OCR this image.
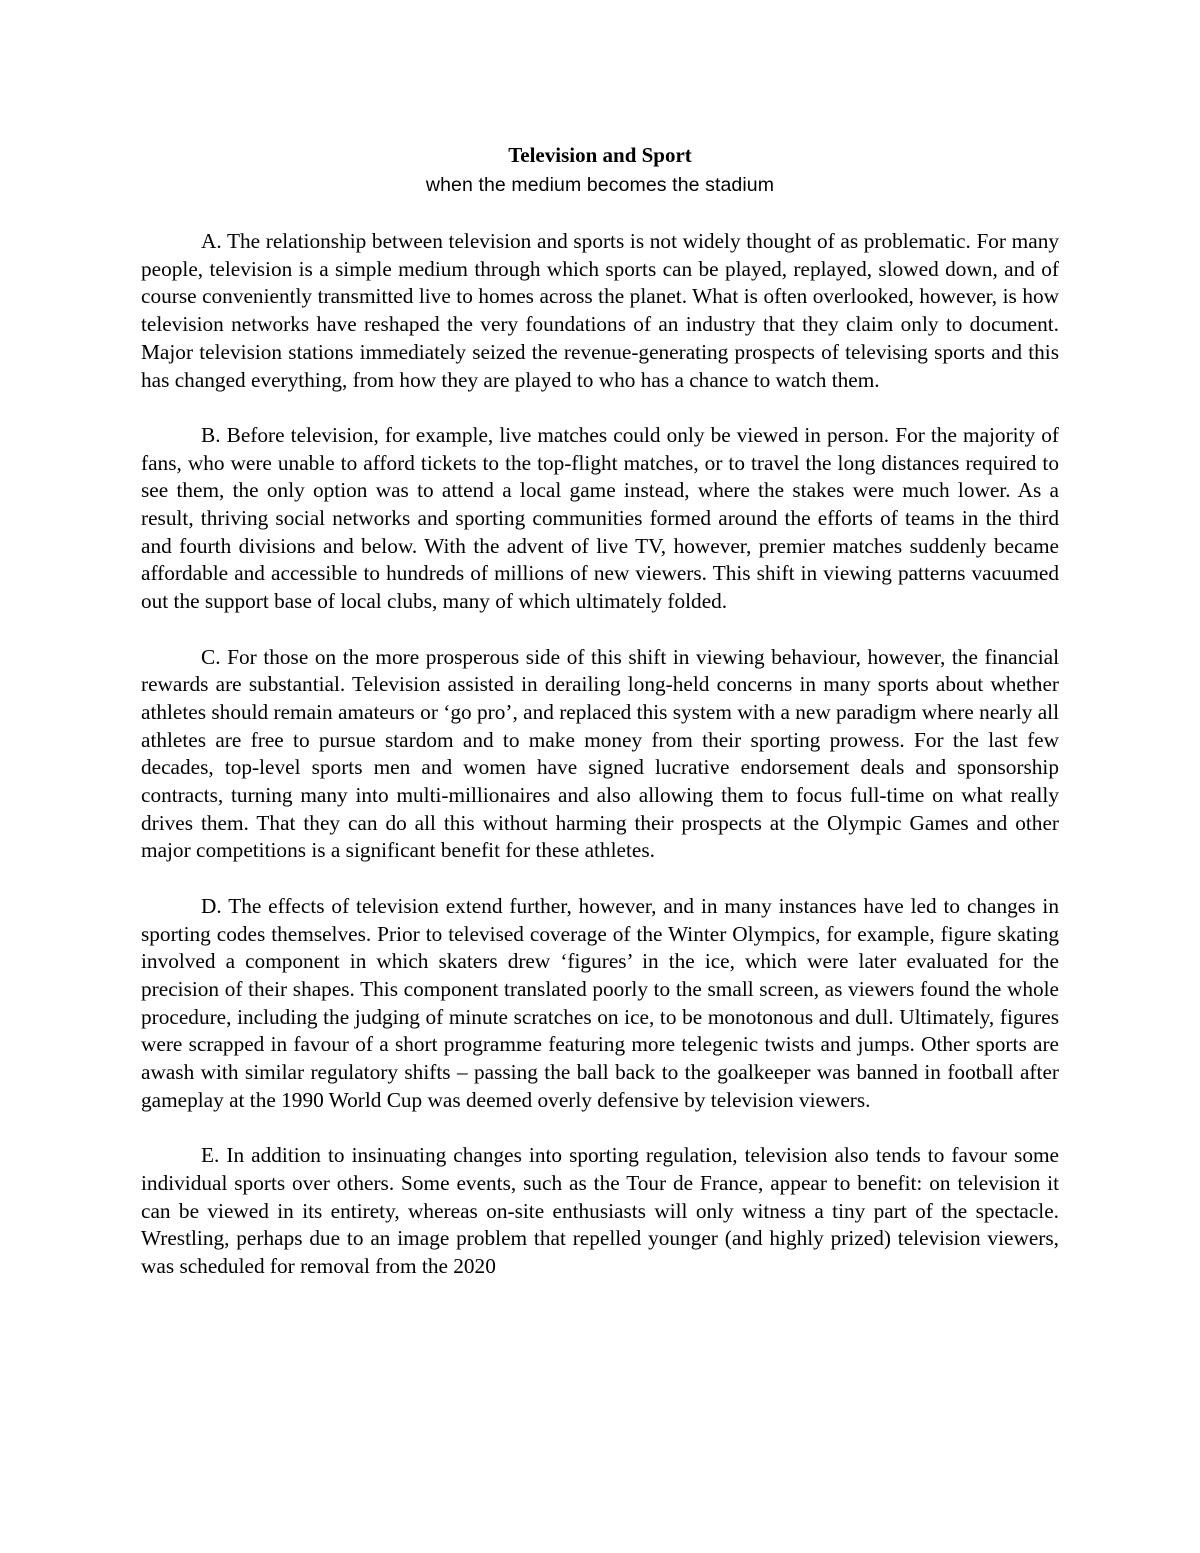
Television and Sport

when the medium becomes the stadium

A. The relationship between television and sports is not widely thought of as problematic. For many people, television is a simple medium through which sports can be played, replayed, slowed down, and of course conveniently transmitted live to homes across the planet. What is often overlooked, however, is how television networks have reshaped the very foundations of an industry that they claim only to document. Major television stations immediately seized the revenue-generating prospects of televising sports and this has changed everything, from how they are played to who has a chance to watch them.

B. Before television, for example, live matches could only be viewed in person. For the majority of fans, who were unable to afford tickets to the top-flight matches, or to travel the long distances required to see them, the only option was to attend a local game instead, where the stakes were much lower. As a result, thriving social networks and sporting communities formed around the efforts of teams in the third and fourth divisions and below. With the advent of live TV, however, premier matches suddenly became affordable and accessible to hundreds of millions of new viewers. This shift in viewing patterns vacuumed out the support base of local clubs, many of which ultimately folded.

C. For those on the more prosperous side of this shift in viewing behaviour, however, the financial rewards are substantial. Television assisted in derailing long-held concerns in many sports about whether athletes should remain amateurs or ‘go pro’, and replaced this system with a new paradigm where nearly all athletes are free to pursue stardom and to make money from their sporting prowess. For the last few decades, top-level sports men and women have signed lucrative endorsement deals and sponsorship contracts, turning many into multi-millionaires and also allowing them to focus full-time on what really drives them. That they can do all this without harming their prospects at the Olympic Games and other major competitions is a significant benefit for these athletes.

D. The effects of television extend further, however, and in many instances have led to changes in sporting codes themselves. Prior to televised coverage of the Winter Olympics, for example, figure skating involved a component in which skaters drew ‘figures’ in the ice, which were later evaluated for the precision of their shapes. This component translated poorly to the small screen, as viewers found the whole procedure, including the judging of minute scratches on ice, to be monotonous and dull. Ultimately, figures were scrapped in favour of a short programme featuring more telegenic twists and jumps. Other sports are awash with similar regulatory shifts – passing the ball back to the goalkeeper was banned in football after gameplay at the 1990 World Cup was deemed overly defensive by television viewers.

E. In addition to insinuating changes into sporting regulation, television also tends to favour some individual sports over others. Some events, such as the Tour de France, appear to benefit: on television it can be viewed in its entirety, whereas on-site enthusiasts will only witness a tiny part of the spectacle. Wrestling, perhaps due to an image problem that repelled younger (and highly prized) television viewers, was scheduled for removal from the 2020
